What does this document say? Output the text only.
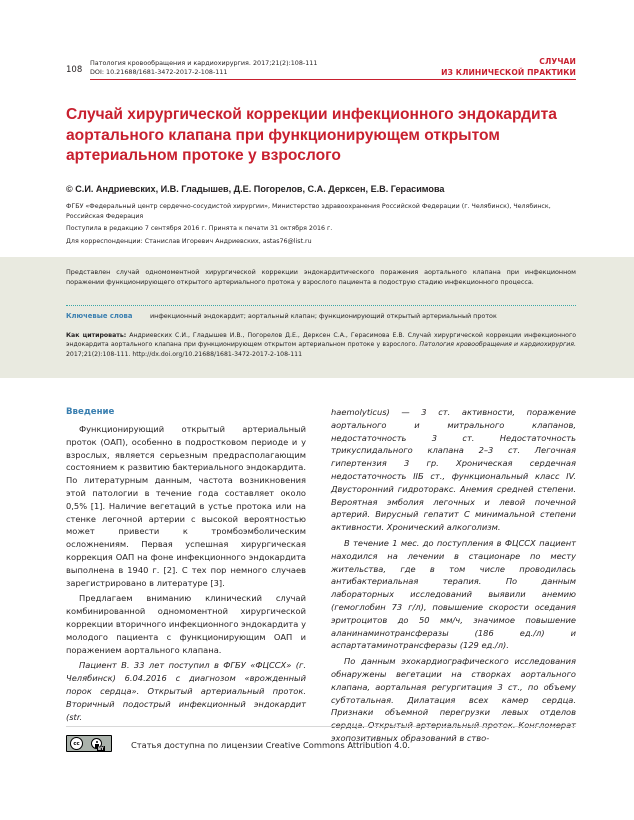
108
Патология кровообращения и кардиохирургия. 2017;21(2):108-111
DOI: 10.21688/1681-3472-2017-2-108-111
СЛУЧАИ
ИЗ КЛИНИЧЕСКОЙ ПРАКТИКИ
Случай хирургической коррекции инфекционного эндокардита аортального клапана при функционирующем открытом артериальном протоке у взрослого
© С.И. Андриевских, И.В. Гладышев, Д.Е. Погорелов, С.А. Дерксен, Е.В. Герасимова
ФГБУ «Федеральный центр сердечно-сосудистой хирургии», Министерство здравоохранения Российской Федерации (г. Челябинск), Челябинск, Российская Федерация
Поступила в редакцию 7 сентября 2016 г. Принята к печати 31 октября 2016 г.
Для корреспонденции: Станислав Игоревич Андриевских, astas76@list.ru
Представлен случай одномоментной хирургической коррекции эндокардитического поражения аортального клапана при инфекционном поражении функционирующего открытого артериального протока у взрослого пациента в подострую стадию инфекционного процесса.
Ключевые слова	инфекционный эндокардит; аортальный клапан; функционирующий открытый артериальный проток
Как цитировать: Андриевских С.И., Гладышев И.В., Погорелов Д.Е., Дерксен С.А., Герасимова Е.В. Случай хирургической коррекции инфекционного эндокардита аортального клапана при функционирующем открытом артериальном протоке у взрослого. Патология кровообращения и кардиохирургия. 2017;21(2):108-111. http://dx.doi.org/10.21688/1681-3472-2017-2-108-111
Введение

Функционирующий открытый артериальный проток (ОАП), особенно в подростковом периоде и у взрослых, является серьезным предрасполагающим состоянием к развитию бактериального эндокардита. По литературным данным, частота возникновения этой патологии в течение года составляет около 0,5% [1]. Наличие вегетаций в устье протока или на стенке легочной артерии с высокой вероятностью может привести к тромбоэмболическим осложнениям. Первая успешная хирургическая коррекция ОАП на фоне инфекционного эндокардита выполнена в 1940 г. [2]. С тех пор немного случаев зарегистрировано в литературе [3].

Предлагаем вниманию клинический случай комбинированной одномоментной хирургической коррекции вторичного инфекционного эндокардита у молодого пациента с функционирующим ОАП и поражением аортального клапана.

Пациент В. 33 лет поступил в ФГБУ «ФЦССХ» (г. Челябинск) 6.04.2016 с диагнозом «врожденный порок сердца». Открытый артериальный проток. Вторичный подострый инфекционный эндокардит (str.

haemolyticus) — 3 ст. активности, поражение аортального и митрального клапанов, недостаточность 3 ст. Недостаточность трикуспидального клапана 2–3 ст. Легочная гипертензия 3 гр. Хроническая сердечная недостаточность IIБ ст., функциональный класс IV. Двусторонний гидроторакс. Анемия средней степени. Вероятная эмболия легочных и левой почечной артерий. Вирусный гепатит С минимальной степени активности. Хронический алкоголизм.

В течение 1 мес. до поступления в ФЦССХ пациент находился на лечении в стационаре по месту жительства, где в том числе проводилась антибактериальная терапия. По данным лабораторных исследований выявили анемию (гемоглобин 73 г/л), повышение скорости оседания эритроцитов до 50 мм/ч, значимое повышение аланинаминотрансферазы (186 ед./л) и аспартатаминотрансферазы (129 ед./л).

По данным эхокардиографического исследования обнаружены вегетации на створках аортального клапана, аортальная регургитация 3 ст., по объему субтотальная. Дилатация всех камер сердца. Признаки объемной перегрузки левых отделов сердца. Открытый артериальный проток. Конгломерат эхопозитивных образований в ство-

cc
BY	Статья доступна по лицензии Creative Commons Attribution 4.0.
